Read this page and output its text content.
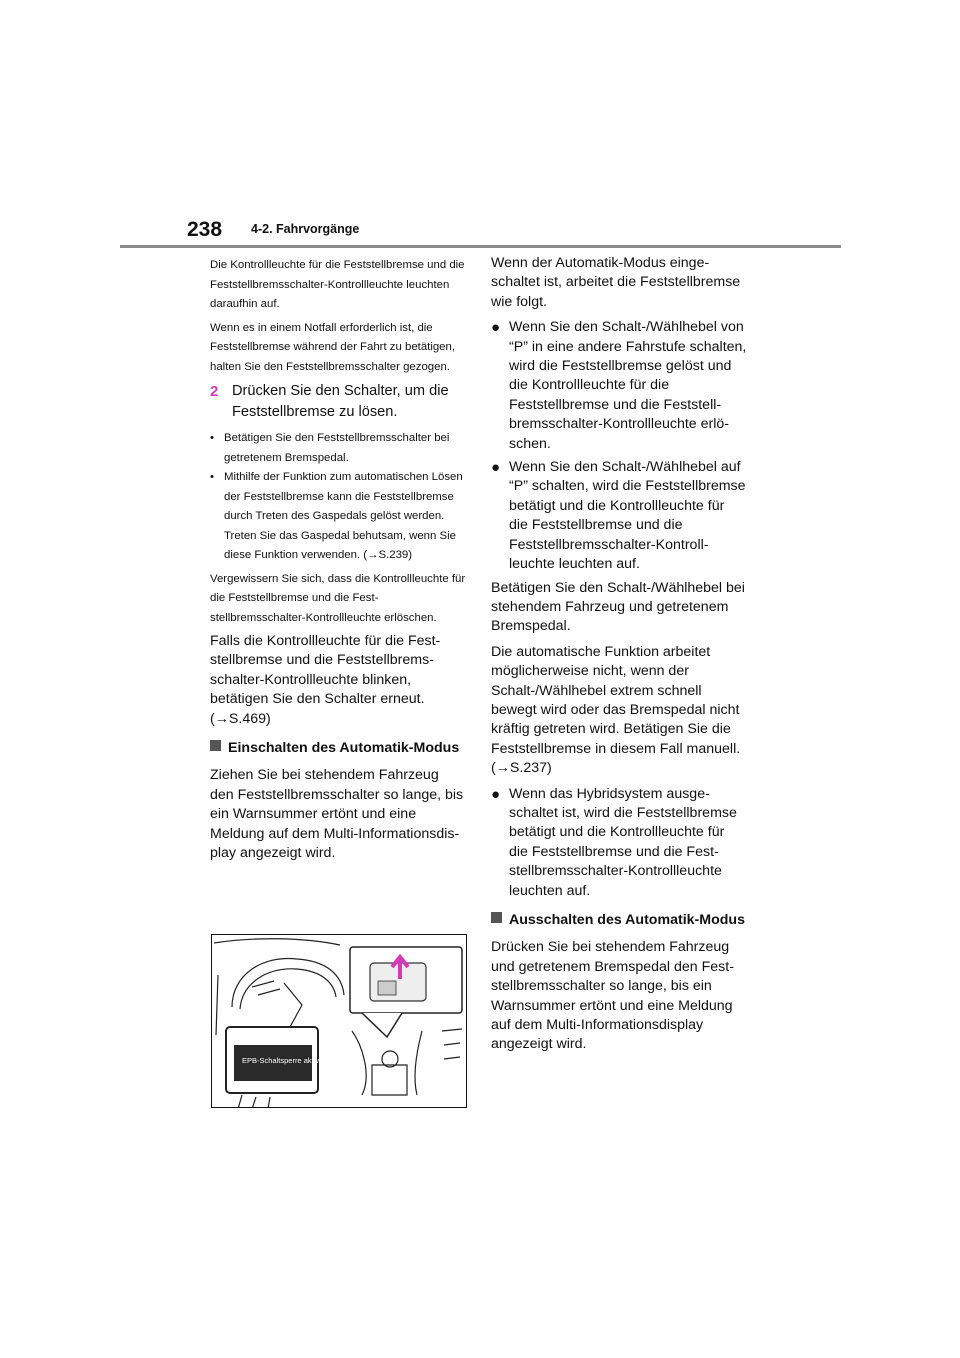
238 4-2. Fahrvorgänge

Die Kontrollleuchte für die Feststellbremse und die Feststellbremsschalter-Kontrollleuchte leuchten daraufhin auf.

Wenn es in einem Notfall erforderlich ist, die Feststellbremse während der Fahrt zu betätigen, halten Sie den Feststellbremsschalter gezogen.

2 Drücken Sie den Schalter, um die Feststellbremse zu lösen.
• Betätigen Sie den Feststellbremsschalter bei getretenem Bremspedal.
• Mithilfe der Funktion zum automatischen Lösen der Feststellbremse kann die Feststellbremse durch Treten des Gaspedals gelöst werden. Treten Sie das Gaspedal behutsam, wenn Sie diese Funktion verwenden. (→S.239)

Vergewissern Sie sich, dass die Kontrollleuchte für die Feststellbremse und die Feststellbremsschalter-Kontrollleuchte erlöschen.

Falls die Kontrollleuchte für die Feststellbremse und die Feststellbremsschalter-Kontrollleuchte blinken, betätigen Sie den Schalter erneut. (→S.469)

Einschalten des Automatik-Modus

Ziehen Sie bei stehendem Fahrzeug den Feststellbremsschalter so lange, bis ein Warnsummer ertönt und eine Meldung auf dem Multi-Informationsdisplay angezeigt wird.

EPB-Schaltsperre aktiviert

Wenn der Automatik-Modus eingeschaltet ist, arbeitet die Feststellbremse wie folgt.

● Wenn Sie den Schalt-/Wählhebel von “P” in eine andere Fahrstufe schalten, wird die Feststellbremse gelöst und die Kontrollleuchte für die Feststellbremse und die Feststellbremsschalter-Kontrollleuchte erlöschen.
● Wenn Sie den Schalt-/Wählhebel auf “P” schalten, wird die Feststellbremse betätigt und die Kontrollleuchte für die Feststellbremse und die Feststellbremsschalter-Kontrollleuchte leuchten auf.

Betätigen Sie den Schalt-/Wählhebel bei stehendem Fahrzeug und getretenem Bremspedal.

Die automatische Funktion arbeitet möglicherweise nicht, wenn der Schalt-/Wählhebel extrem schnell bewegt wird oder das Bremspedal nicht kräftig getreten wird. Betätigen Sie die Feststellbremse in diesem Fall manuell. (→S.237)

● Wenn das Hybridsystem ausgeschaltet ist, wird die Feststellbremse betätigt und die Kontrollleuchte für die Feststellbremse und die Feststellbremsschalter-Kontrollleuchte leuchten auf.
Ausschalten des Automatik-Modus

Drücken Sie bei stehendem Fahrzeug und getretenem Bremspedal den Feststellbremsschalter so lange, bis ein Warnsummer ertönt und eine Meldung auf dem Multi-Informationsdisplay angezeigt wird.
